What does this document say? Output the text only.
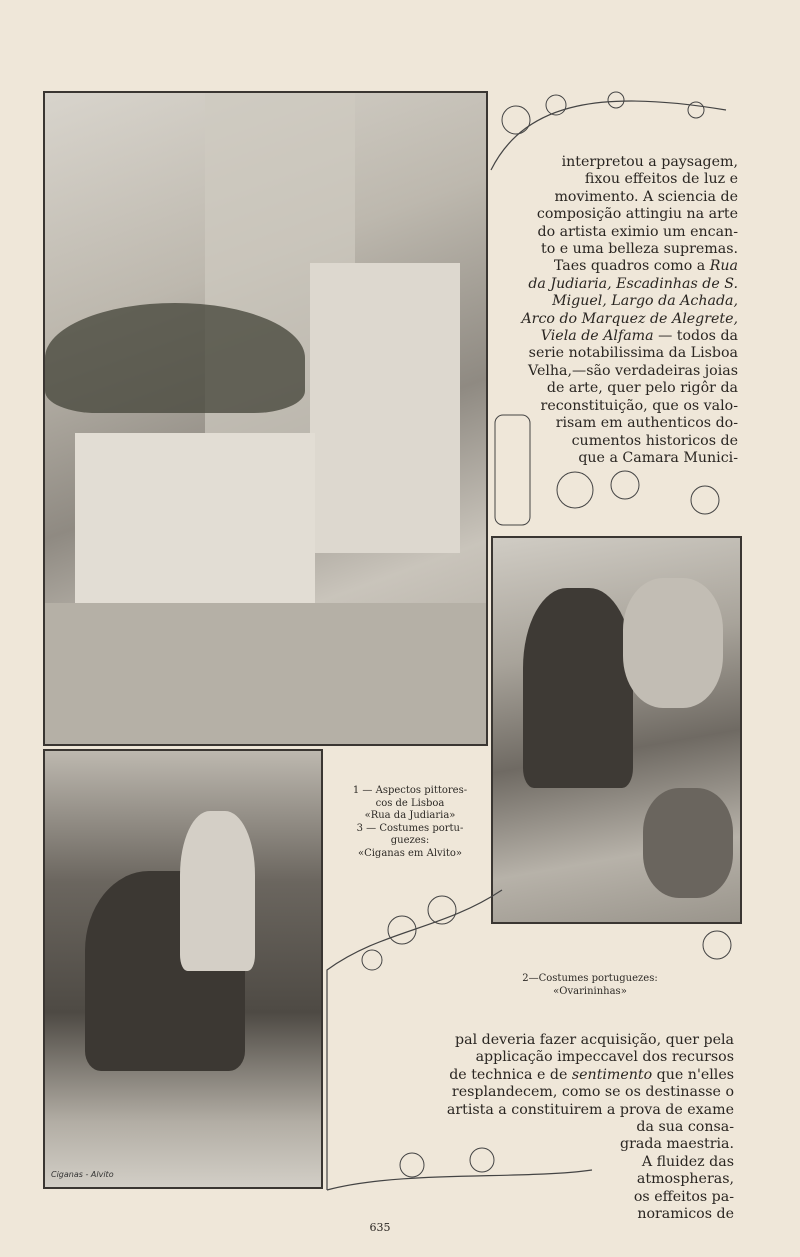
Ciganas - Alvito
interpretou a paysagem,
fixou effeitos de luz e
movimento. A sciencia de
composição attingiu na arte
do artista eximio um encan-
to e uma belleza supremas.
Taes quadros como a Rua
da Judiaria, Escadinhas de S.
Miguel, Largo da Achada,
Arco do Marquez de Alegrete,
Viela de Alfama — todos da
serie notabilissima da Lisboa
Velha,—são verdadeiras joias
de arte, quer pelo rigôr da
reconstituição, que os valo-
risam em authenticos do-
cumentos historicos de
que a Camara Munici-
pal deveria fazer acquisição, quer pela
applicação impeccavel dos recursos
de technica e de sentimento que n'elles
resplandecem, como se os destinasse o
artista a constituirem a prova de exame
da sua consa-
grada maestria.
A fluidez das
atmospheras,
os effeitos pa-
noramicos de
1 — Aspectos pittores-
cos de Lisboa
«Rua da Judiaria»
3 — Costumes portu-
guezes:
«Ciganas em Alvito»
2—Costumes portuguezes:
«Ovarininhas»
635
